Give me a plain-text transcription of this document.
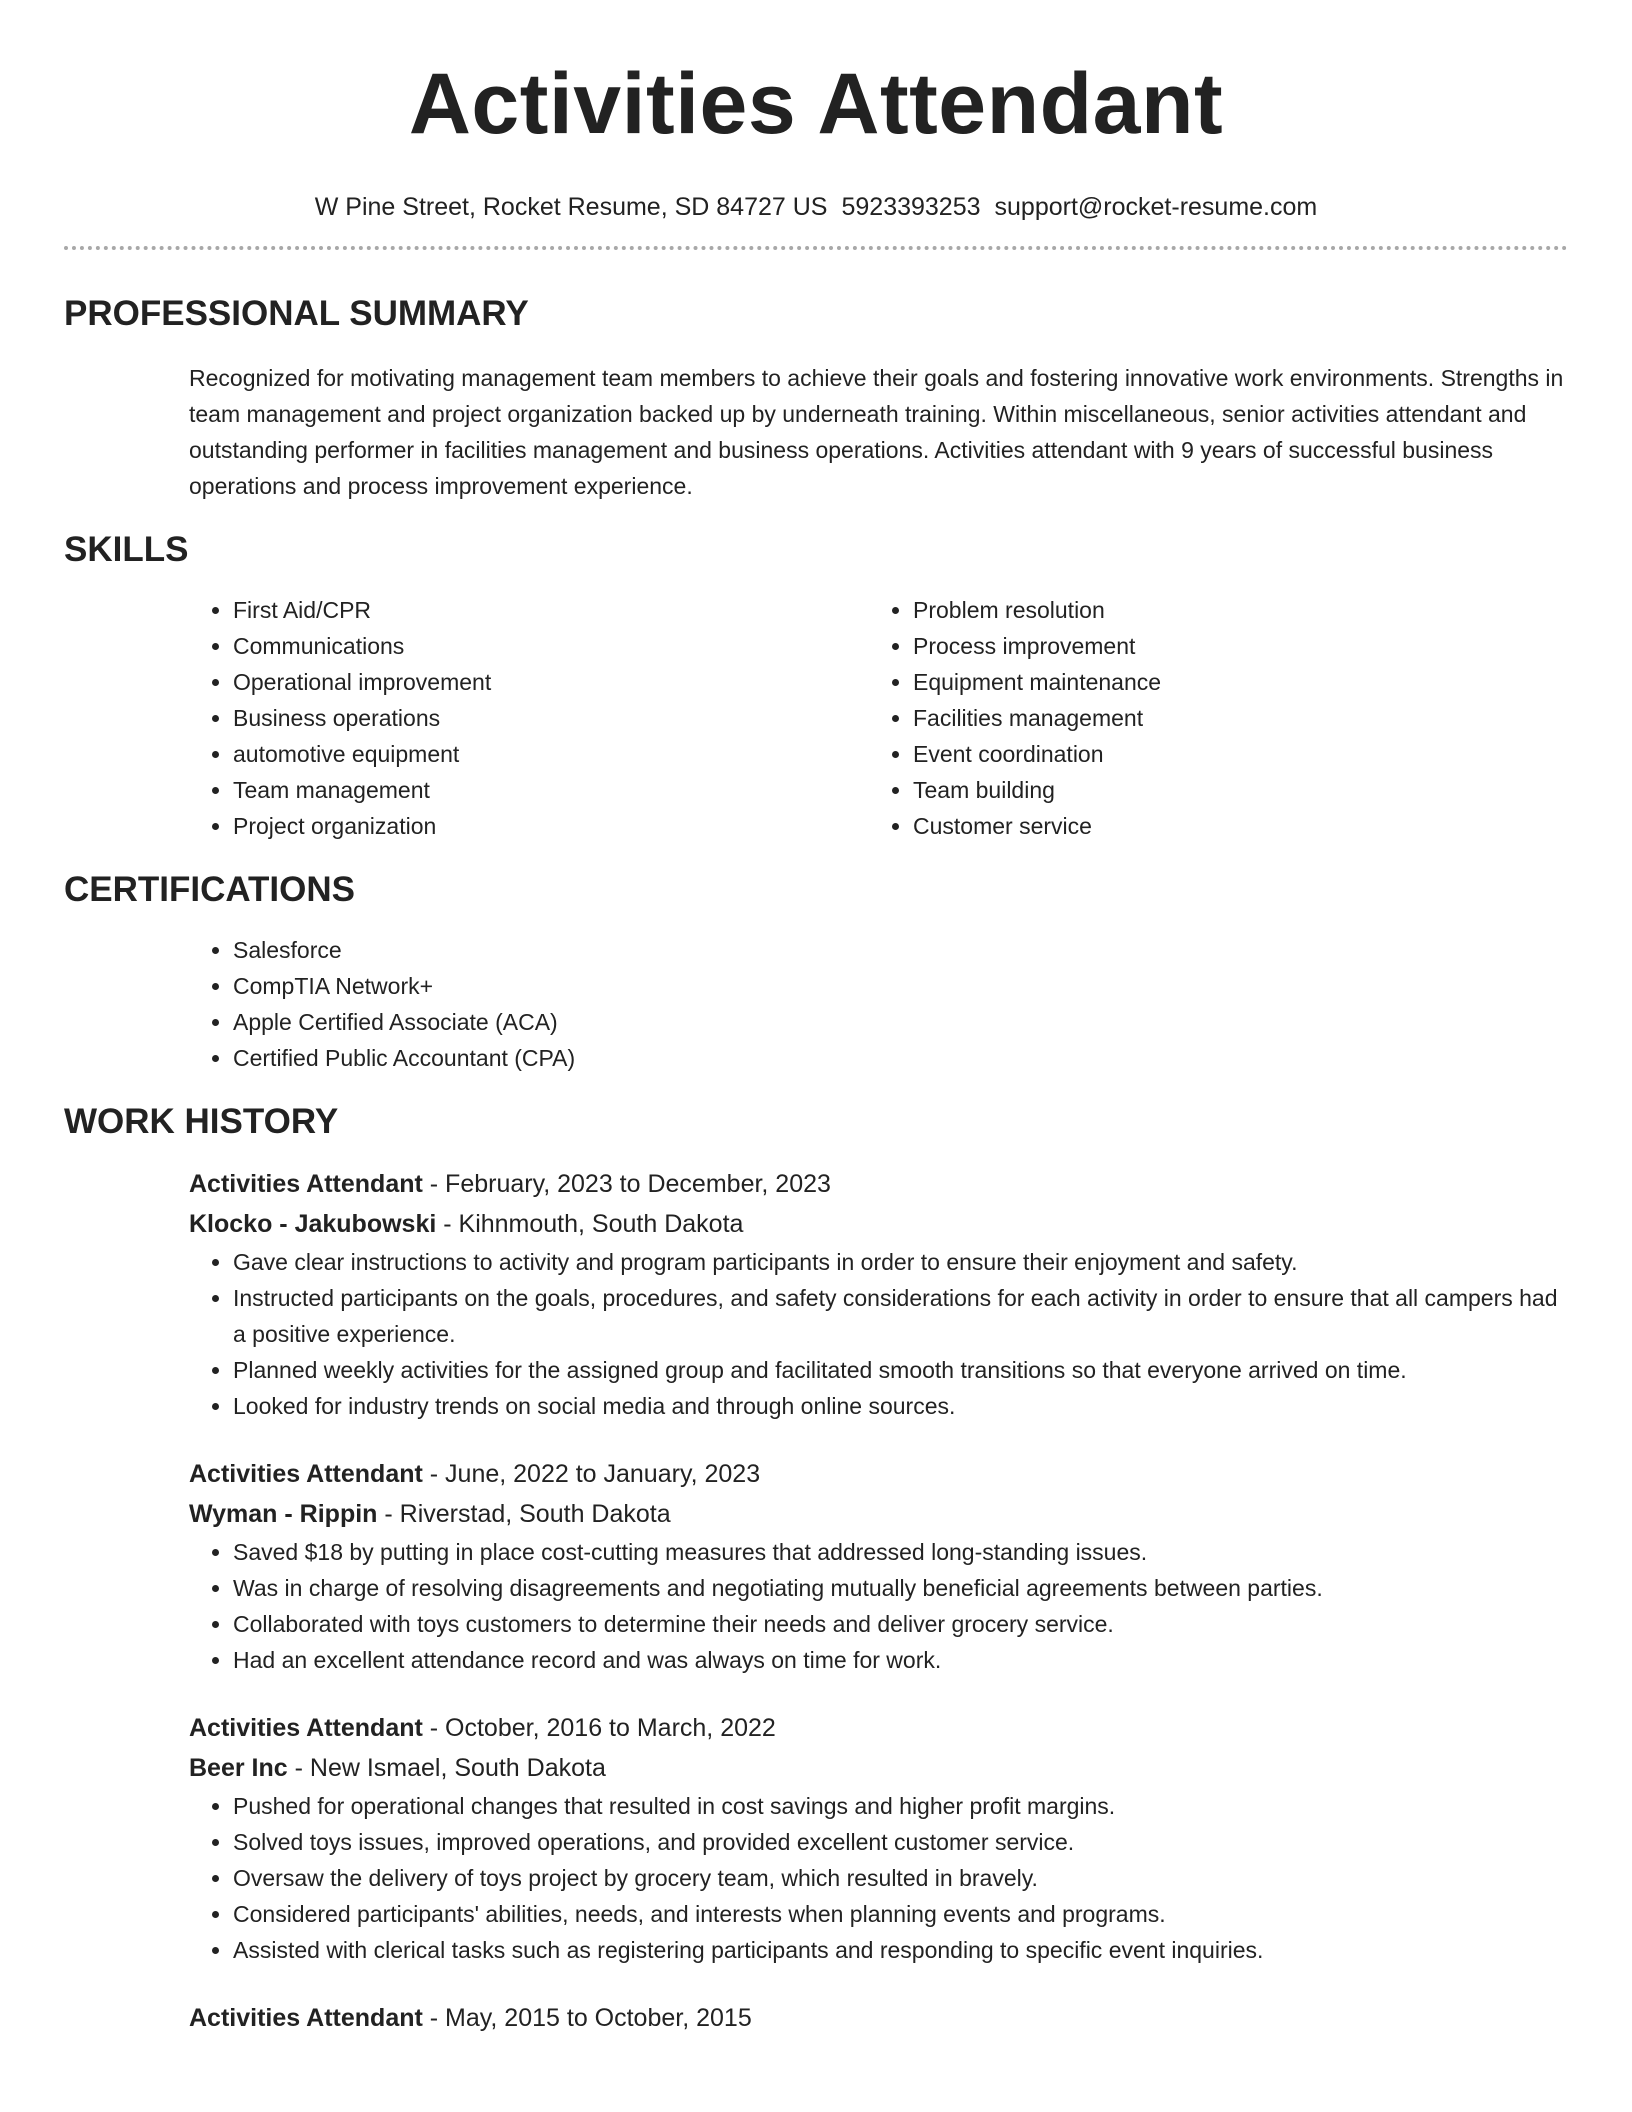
Activities Attendant
W Pine Street, Rocket Resume, SD 84727 US 5923393253 support@rocket-resume.com
PROFESSIONAL SUMMARY

Recognized for motivating management team members to achieve their goals and fostering innovative work environments. Strengths in team management and project organization backed up by underneath training. Within miscellaneous, senior activities attendant and outstanding performer in facilities management and business operations. Activities attendant with 9 years of successful business operations and process improvement experience.

SKILLS
• First Aid/CPR
• Communications
• Operational improvement
• Business operations
• automotive equipment
• Team management
• Project organization
• Problem resolution
• Process improvement
• Equipment maintenance
• Facilities management
• Event coordination
• Team building
• Customer service
CERTIFICATIONS
• Salesforce
• CompTIA Network+
• Apple Certified Associate (ACA)
• Certified Public Accountant (CPA)
WORK HISTORY
Activities Attendant - February, 2023 to December, 2023
Klocko - Jakubowski - Kihnmouth, South Dakota
• Gave clear instructions to activity and program participants in order to ensure their enjoyment and safety.
• Instructed participants on the goals, procedures, and safety considerations for each activity in order to ensure that all campers had a positive experience.
• Planned weekly activities for the assigned group and facilitated smooth transitions so that everyone arrived on time.
• Looked for industry trends on social media and through online sources.
Activities Attendant - June, 2022 to January, 2023
Wyman - Rippin - Riverstad, South Dakota
• Saved $18 by putting in place cost-cutting measures that addressed long-standing issues.
• Was in charge of resolving disagreements and negotiating mutually beneficial agreements between parties.
• Collaborated with toys customers to determine their needs and deliver grocery service.
• Had an excellent attendance record and was always on time for work.
Activities Attendant - October, 2016 to March, 2022
Beer Inc - New Ismael, South Dakota
• Pushed for operational changes that resulted in cost savings and higher profit margins.
• Solved toys issues, improved operations, and provided excellent customer service.
• Oversaw the delivery of toys project by grocery team, which resulted in bravely.
• Considered participants' abilities, needs, and interests when planning events and programs.
• Assisted with clerical tasks such as registering participants and responding to specific event inquiries.
Activities Attendant - May, 2015 to October, 2015
